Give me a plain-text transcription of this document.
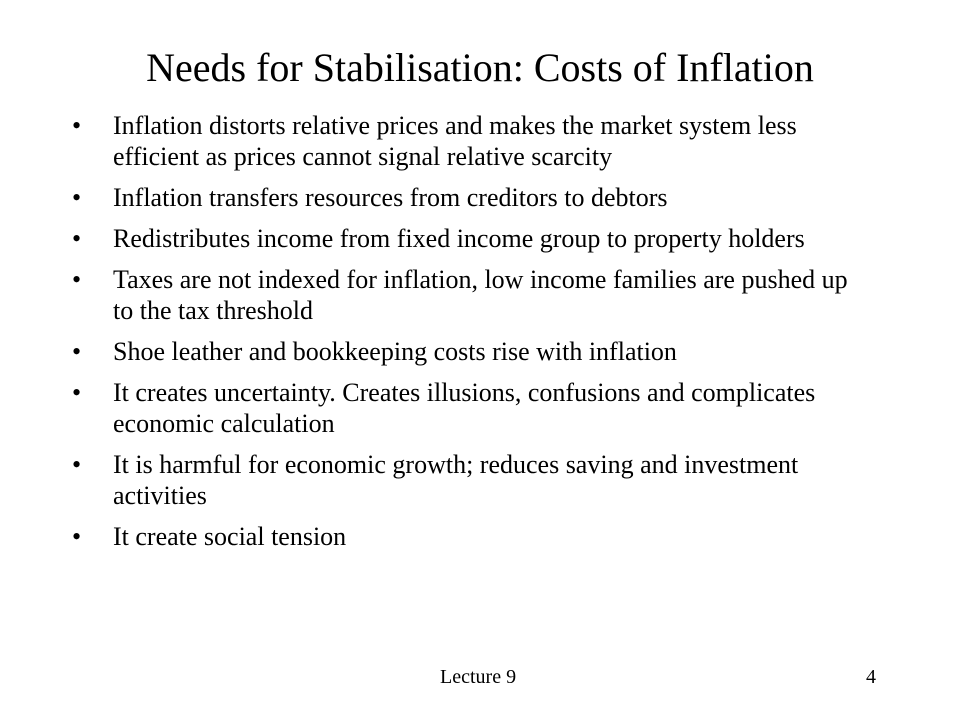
Needs for Stabilisation: Costs of Inflation
•	Inflation distorts relative prices and makes the market system less efficient as prices cannot signal relative scarcity
•	Inflation transfers resources from creditors to debtors
•	Redistributes income from fixed income group to property holders
•	Taxes are not indexed for inflation, low income families are pushed up to the tax threshold
•	Shoe leather and bookkeeping costs rise with inflation
•	It creates uncertainty. Creates illusions, confusions and complicates economic calculation
•	It is harmful for economic growth; reduces saving and investment activities
•	It create social tension
Lecture 9	4
